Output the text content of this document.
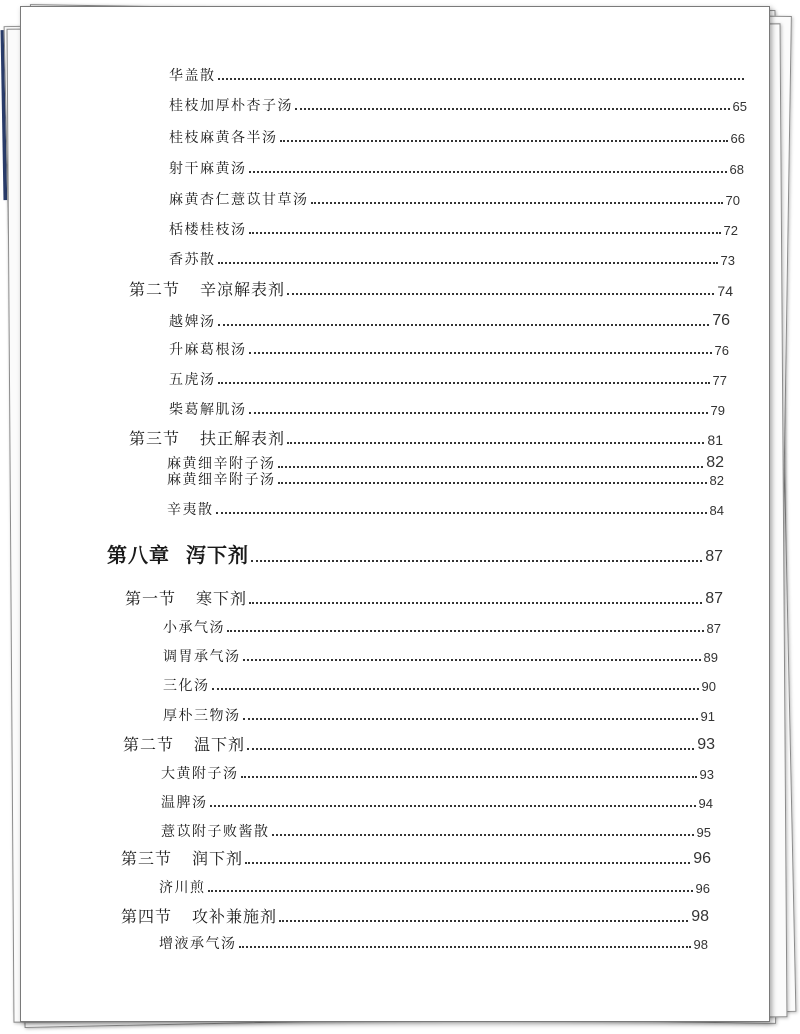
华盖散
桂枝加厚朴杏子汤	65
桂枝麻黄各半汤	66
射干麻黄汤	68
麻黄杏仁薏苡甘草汤	70
栝楼桂枝汤	72
香苏散	73
第二节 辛凉解表剂	74
越婢汤	76
升麻葛根汤	76
五虎汤	77
柴葛解肌汤	79
第三节 扶正解表剂	81
麻黄细辛附子汤	82
麻黄细辛附子汤	82
辛夷散	84
第八章 泻下剂	87
第一节 寒下剂	87
小承气汤	87
调胃承气汤	89
三化汤	90
厚朴三物汤	91
第二节 温下剂	93
大黄附子汤	93
温脾汤	94
薏苡附子败酱散	95
第三节 润下剂	96
济川煎	96
第四节 攻补兼施剂	98
增液承气汤	98
